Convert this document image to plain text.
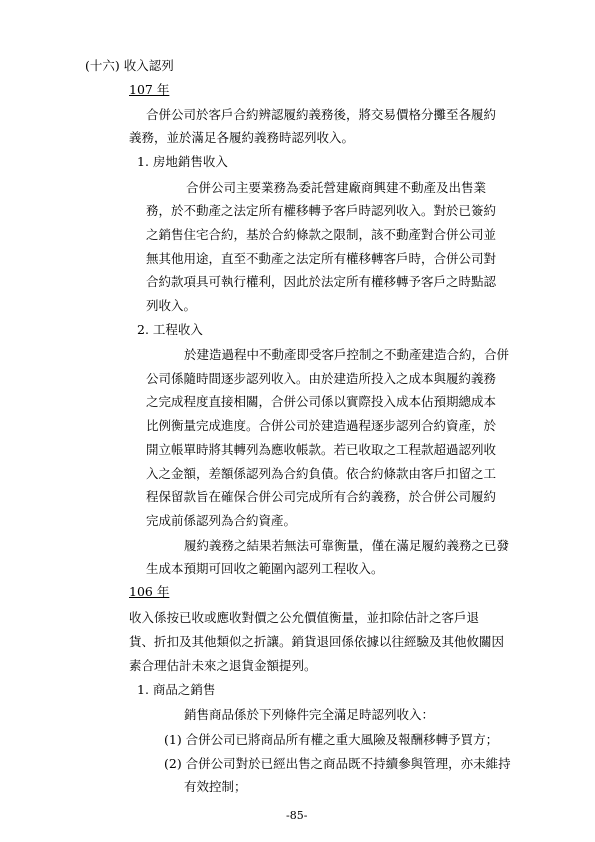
(十六) 收入認列
107 年
合併公司於客戶合約辨認履約義務後，將交易價格分攤至各履約
義務，並於滿足各履約義務時認列收入。
1. 房地銷售收入
合併公司主要業務為委託營建廠商興建不動產及出售業
務，於不動產之法定所有權移轉予客戶時認列收入。對於已簽約
之銷售住宅合約，基於合約條款之限制，該不動產對合併公司並
無其他用途，直至不動產之法定所有權移轉客戶時，合併公司對
合約款項具可執行權利，因此於法定所有權移轉予客戶之時點認
列收入。
2. 工程收入
於建造過程中不動產即受客戶控制之不動產建造合約，合併
公司係隨時間逐步認列收入。由於建造所投入之成本與履約義務
之完成程度直接相關，合併公司係以實際投入成本佔預期總成本
比例衡量完成進度。合併公司於建造過程逐步認列合約資產，於
開立帳單時將其轉列為應收帳款。若已收取之工程款超過認列收
入之金額，差額係認列為合約負債。依合約條款由客戶扣留之工
程保留款旨在確保合併公司完成所有合約義務，於合併公司履約
完成前係認列為合約資產。
履約義務之結果若無法可靠衡量，僅在滿足履約義務之已發
生成本預期可回收之範圍內認列工程收入。
106 年
收入係按已收或應收對價之公允價值衡量，並扣除估計之客戶退
貨、折扣及其他類似之折讓。銷貨退回係依據以往經驗及其他攸關因
素合理估計未來之退貨金額提列。
1. 商品之銷售
銷售商品係於下列條件完全滿足時認列收入：
(1) 合併公司已將商品所有權之重大風險及報酬移轉予買方；
(2) 合併公司對於已經出售之商品既不持續參與管理，亦未維持
有效控制；
-85-
